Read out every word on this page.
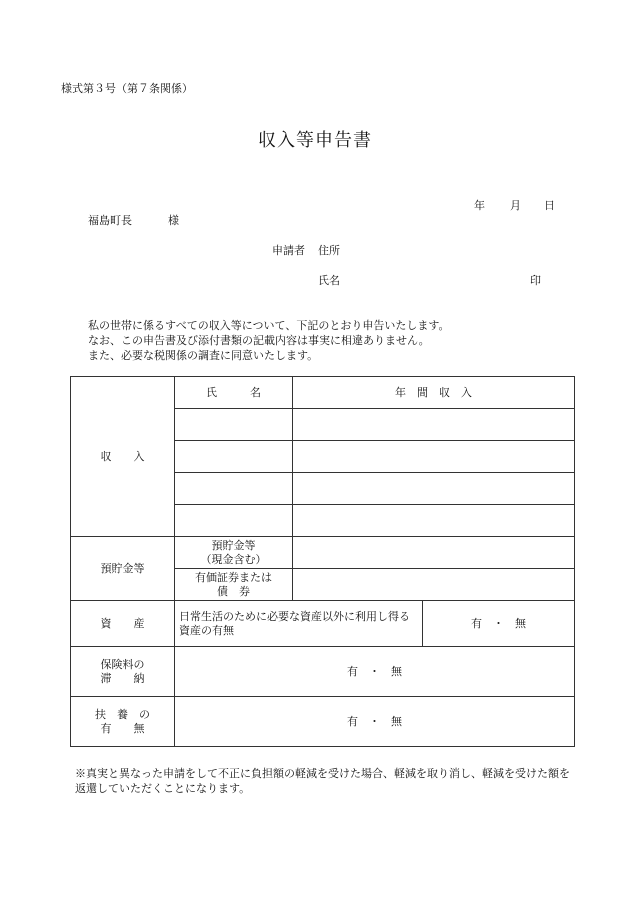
様式第３号（第７条関係）
収入等申告書
年 月 日
福島町長	様
申請者 住所
氏名	印
私の世帯に係るすべての収入等について、下記のとおり申告いたします。
なお、この申告書及び添付書類の記載内容は事実に相違ありません。
また、必要な税関係の調査に同意いたします。
収　　入	氏　　　名	年　間　収　入	

預貯金等	預貯金等
（現金含む）		

	有価証券または
債　券		

資　　産	日常生活のために必要な資産以外に利用し得る資産の有無		有　・　無

保険料の
滞　　納	有　・　無		

扶　養　の
有　　無	有　・　無		
※真実と異なった申請をして不正に負担額の軽減を受けた場合、軽減を取り消し、軽減を受けた額を返還していただくことになります。
